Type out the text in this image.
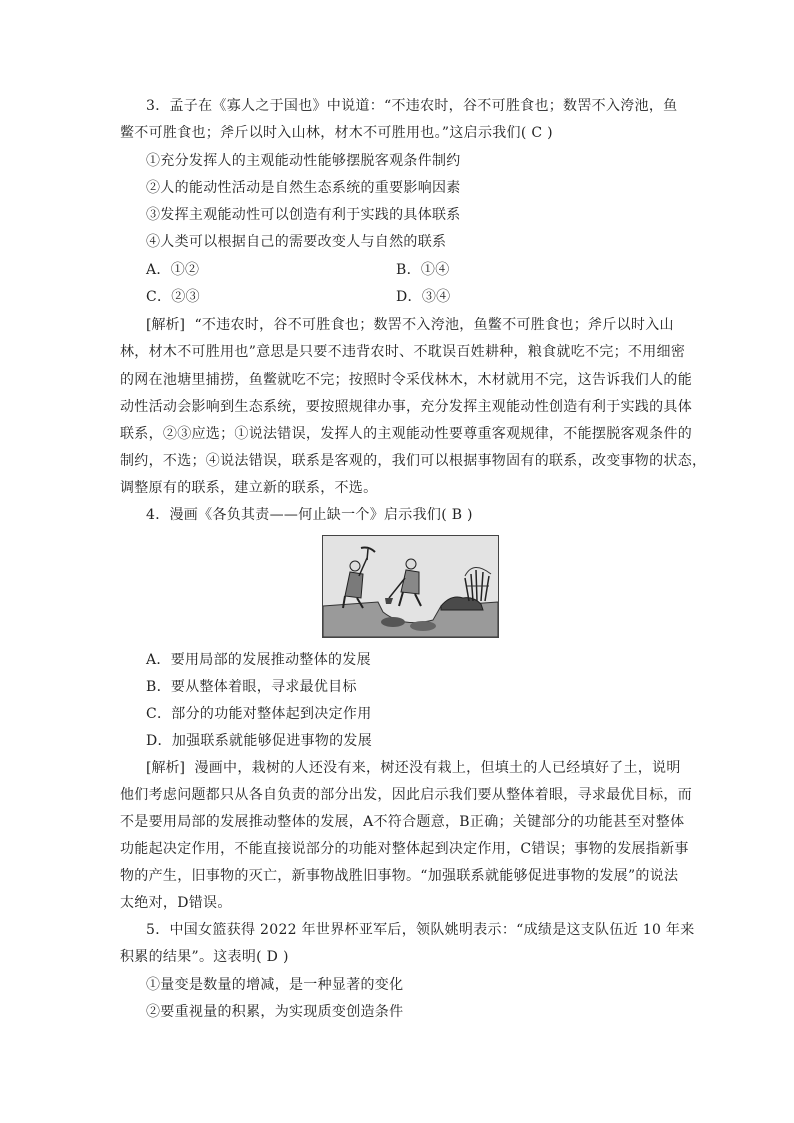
3．孟子在《寡人之于国也》中说道：“不违农时，谷不可胜食也；数罟不入洿池，鱼
鳖不可胜食也；斧斤以时入山林，材木不可胜用也。”这启示我们( C )
①充分发挥人的主观能动性能够摆脱客观条件制约
②人的能动性活动是自然生态系统的重要影响因素
③发挥主观能动性可以创造有利于实践的具体联系
④人类可以根据自己的需要改变人与自然的联系
A．①②	B．①④
C．②③	D．③④
[解析] “不违农时，谷不可胜食也；数罟不入洿池，鱼鳖不可胜食也；斧斤以时入山
林，材木不可胜用也”意思是只要不违背农时、不耽误百姓耕种，粮食就吃不完；不用细密
的网在池塘里捕捞，鱼鳖就吃不完；按照时令采伐林木，木材就用不完，这告诉我们人的能
动性活动会影响到生态系统，要按照规律办事，充分发挥主观能动性创造有利于实践的具体
联系，②③应选；①说法错误，发挥人的主观能动性要尊重客观规律，不能摆脱客观条件的
制约，不选；④说法错误，联系是客观的，我们可以根据事物固有的联系，改变事物的状态，
调整原有的联系，建立新的联系，不选。
4．漫画《各负其责——何止缺一个》启示我们( B )
A．要用局部的发展推动整体的发展
B．要从整体着眼，寻求最优目标
C．部分的功能对整体起到决定作用
D．加强联系就能够促进事物的发展
[解析] 漫画中，栽树的人还没有来，树还没有栽上，但填土的人已经填好了土，说明
他们考虑问题都只从各自负责的部分出发，因此启示我们要从整体着眼，寻求最优目标，而
不是要用局部的发展推动整体的发展，A不符合题意，B正确；关键部分的功能甚至对整体
功能起决定作用，不能直接说部分的功能对整体起到决定作用，C错误；事物的发展指新事
物的产生，旧事物的灭亡，新事物战胜旧事物。“加强联系就能够促进事物的发展”的说法
太绝对，D错误。
5．中国女篮获得 2022 年世界杯亚军后，领队姚明表示：“成绩是这支队伍近 10 年来
积累的结果”。这表明( D )
①量变是数量的增减，是一种显著的变化
②要重视量的积累，为实现质变创造条件
